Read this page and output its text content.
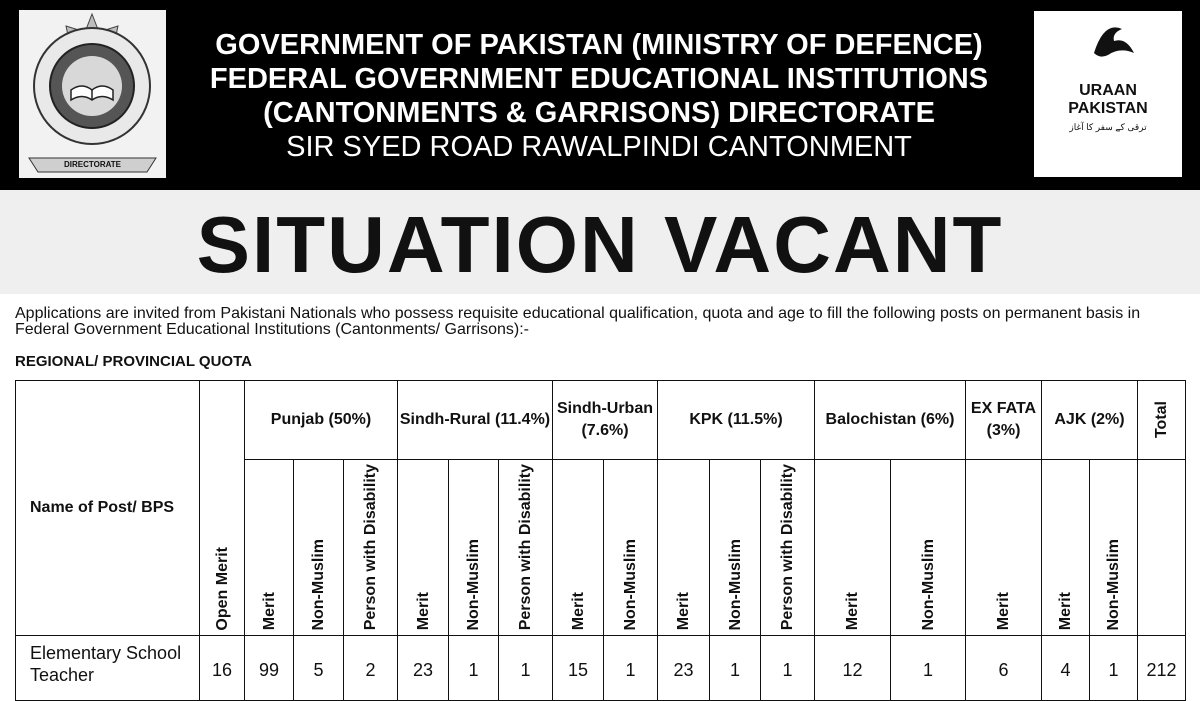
DIRECTORATE
GOVERNMENT OF PAKISTAN (MINISTRY OF DEFENCE)
FEDERAL GOVERNMENT EDUCATIONAL INSTITUTIONS
(CANTONMENTS & GARRISONS) DIRECTORATE
SIR SYED ROAD RAWALPINDI CANTONMENT
URAAN
PAKISTAN
ترقی کے سفر کا آغاز
SITUATION VACANT
Applications are invited from Pakistani Nationals who possess requisite educational qualification, quota and age to fill the following posts on permanent basis in Federal Government Educational Institutions (Cantonments/ Garrisons):-
REGIONAL/ PROVINCIAL QUOTA
Name of Post/ BPS	Open Merit	Punjab (50%)			Sindh-Rural (11.4%)			Sindh-Urban (7.6%)		KPK (11.5%)			Balochistan (6%)		EX FATA (3%)	AJK (2%)		Total
		Merit	Non-Muslim	Person with Disability	Merit	Non-Muslim	Person with Disability	Merit	Non-Muslim	Merit	Non-Muslim	Person with Disability	Merit	Non-Muslim	Merit	Merit	Non-Muslim	
Elementary School Teacher	16	99	5	2	23	1	1	15	1	23	1	1	12	1	6	4	1	212
